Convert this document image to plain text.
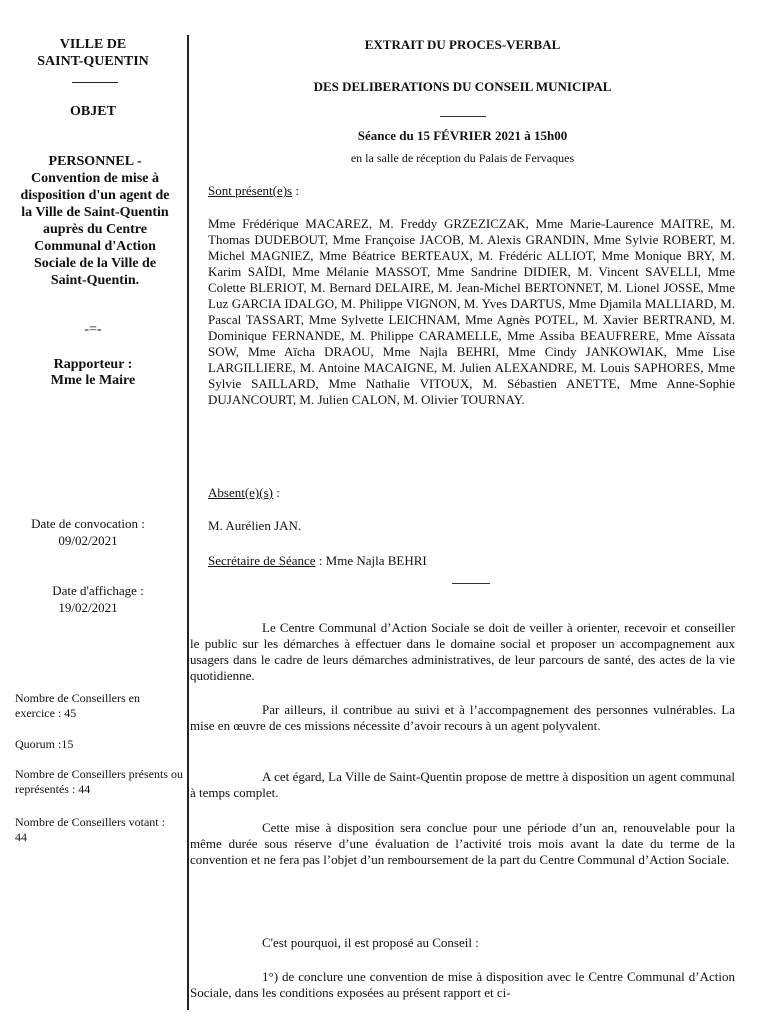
VILLE DE
SAINT-QUENTIN
OBJET
PERSONNEL - Convention de mise à disposition d'un agent de la Ville de Saint-Quentin auprès du Centre Communal d'Action Sociale de la Ville de Saint-Quentin.
-=-
Rapporteur :
Mme le Maire
Date de convocation :
09/02/2021
Date d'affichage :
19/02/2021
Nombre de Conseillers en exercice : 45
Quorum :15
Nombre de Conseillers présents ou représentés : 44
Nombre de Conseillers votant : 44
EXTRAIT DU PROCES-VERBAL
DES DELIBERATIONS DU CONSEIL MUNICIPAL
Séance du 15 FÉVRIER 2021 à 15h00
en la salle de réception du Palais de Fervaques
Sont présent(e)s :
Mme Frédérique MACAREZ, M. Freddy GRZEZICZAK, Mme Marie-Laurence MAITRE, M. Thomas DUDEBOUT, Mme Françoise JACOB, M. Alexis GRANDIN, Mme Sylvie ROBERT, M. Michel MAGNIEZ, Mme Béatrice BERTEAUX, M. Frédéric ALLIOT, Mme Monique BRY, M. Karim SAÏDI, Mme Mélanie MASSOT, Mme Sandrine DIDIER, M. Vincent SAVELLI, Mme Colette BLERIOT, M. Bernard DELAIRE, M. Jean-Michel BERTONNET, M. Lionel JOSSE, Mme Luz GARCIA IDALGO, M. Philippe VIGNON, M. Yves DARTUS, Mme Djamila MALLIARD, M. Pascal TASSART, Mme Sylvette LEICHNAM, Mme Agnès POTEL, M. Xavier BERTRAND, M. Dominique FERNANDE, M. Philippe CARAMELLE, Mme Assiba BEAUFRERE, Mme Aïssata SOW, Mme Aïcha DRAOU, Mme Najla BEHRI, Mme Cindy JANKOWIAK, Mme Lise LARGILLIERE, M. Antoine MACAIGNE, M. Julien ALEXANDRE, M. Louis SAPHORES, Mme Sylvie SAILLARD, Mme Nathalie VITOUX, M. Sébastien ANETTE, Mme Anne-Sophie DUJANCOURT, M. Julien CALON, M. Olivier TOURNAY.
Absent(e)(s) :
M. Aurélien JAN.
Secrétaire de Séance : Mme Najla BEHRI
Le Centre Communal d’Action Sociale se doit de veiller à orienter, recevoir et conseiller le public sur les démarches à effectuer dans le domaine social et proposer un accompagnement aux usagers dans le cadre de leurs démarches administratives, de leur parcours de santé, des actes de la vie quotidienne.
Par ailleurs, il contribue au suivi et à l’accompagnement des personnes vulnérables. La mise en œuvre de ces missions nécessite d’avoir recours à un agent polyvalent.
A cet égard, La Ville de Saint-Quentin propose de mettre à disposition un agent communal à temps complet.
Cette mise à disposition sera conclue pour une période d’un an, renouvelable pour la même durée sous réserve d’une évaluation de l’activité trois mois avant la date du terme de la convention et ne fera pas l’objet d’un remboursement de la part du Centre Communal d’Action Sociale.
C'est pourquoi, il est proposé au Conseil :
1°) de conclure une convention de mise à disposition avec le Centre Communal d’Action Sociale, dans les conditions exposées au présent rapport et ci-
